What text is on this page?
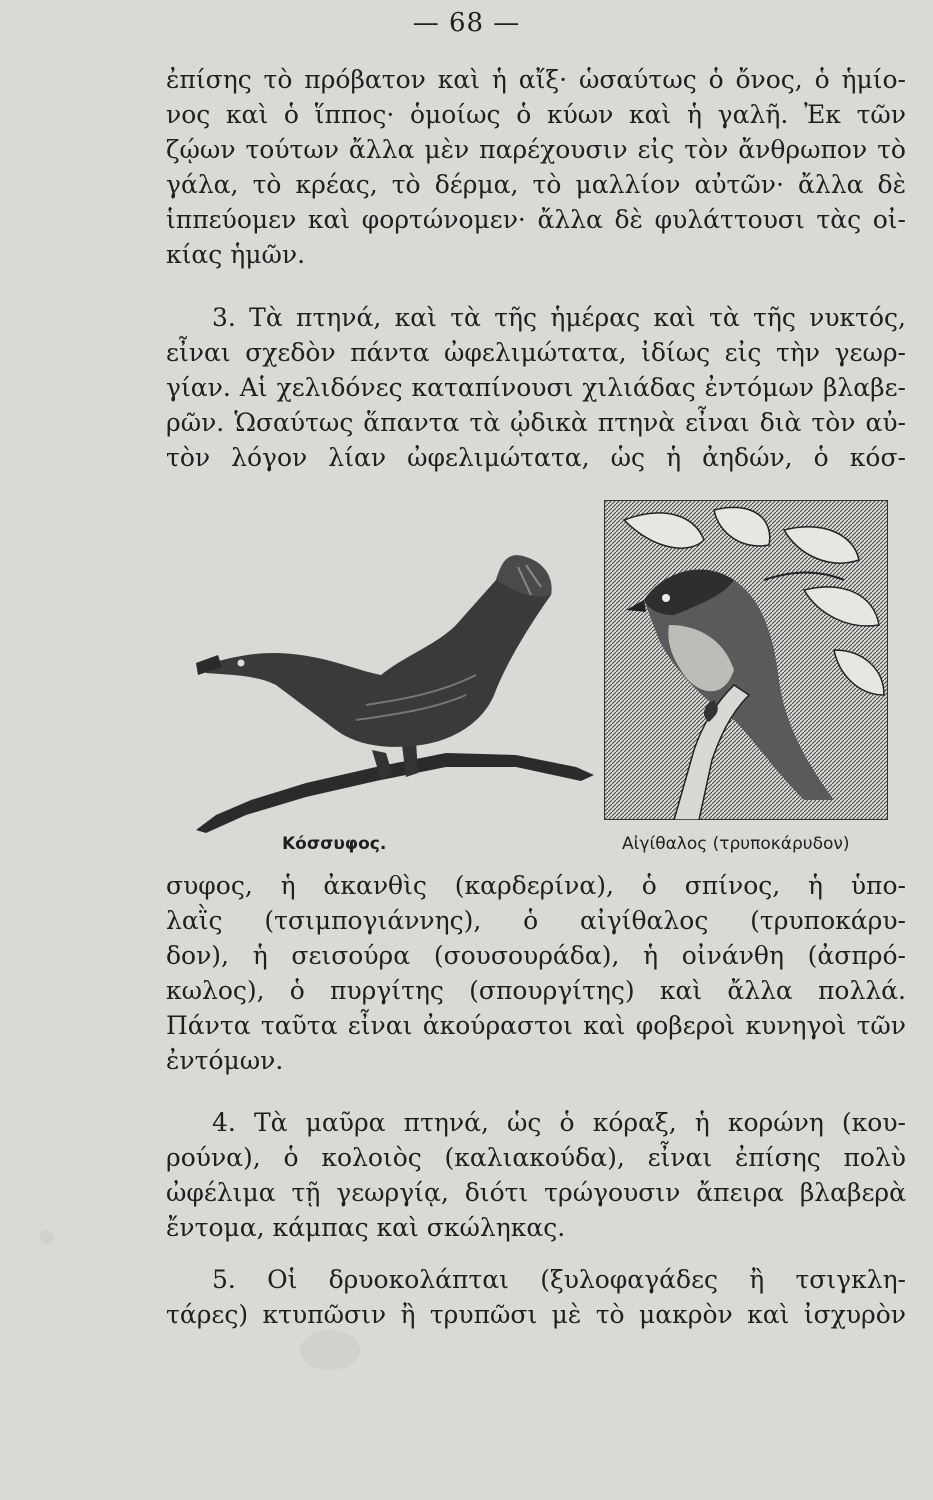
— 68 —
ἐπίσης τὸ πρόβατον καὶ ἡ αἴξ· ὡσαύτως ὁ ὄνος, ὁ ἡμίο-
νος καὶ ὁ ἵππος· ὁμοίως ὁ κύων καὶ ἡ γαλῆ. Ἐκ τῶν
ζῴων τούτων ἄλλα μὲν παρέχουσιν εἰς τὸν ἄνθρωπον τὸ
γάλα, τὸ κρέας, τὸ δέρμα, τὸ μαλλίον αὐτῶν· ἄλλα δὲ
ἱππεύομεν καὶ φορτώνομεν· ἄλλα δὲ φυλάττουσι τὰς οἰ-
κίας ἡμῶν.
3. Τὰ πτηνά, καὶ τὰ τῆς ἡμέρας καὶ τὰ τῆς νυκτός,
εἶναι σχεδὸν πάντα ὠφελιμώτατα, ἰδίως εἰς τὴν γεωρ-
γίαν. Αἱ χελιδόνες καταπίνουσι χιλιάδας ἐντόμων βλαβε-
ρῶν. Ὡσαύτως ἅπαντα τὰ ᾠδικὰ πτηνὰ εἶναι διὰ τὸν αὐ-
τὸν λόγον λίαν ὠφελιμώτατα, ὡς ἡ ἀηδών, ὁ κόσ-
Κόσσυφος.	Αἰγίθαλος (τρυποκάρυδον)
συφος, ἡ ἀκανθὶς (καρδερίνα), ὁ σπίνος, ἡ ὑπο-
λαῒς (τσιμπογιάννης), ὁ αἰγίθαλος (τρυποκάρυ-
δον), ἡ σεισούρα (σουσουράδα), ἡ οἰνάνθη (ἀσπρό-
κωλος), ὁ πυργίτης (σπουργίτης) καὶ ἄλλα πολλά.
Πάντα ταῦτα εἶναι ἀκούραστοι καὶ φοβεροὶ κυνηγοὶ τῶν
ἐντόμων.
4. Τὰ μαῦρα πτηνά, ὡς ὁ κόραξ, ἡ κορώνη (κου-
ρούνα), ὁ κολοιὸς (καλιακούδα), εἶναι ἐπίσης πολὺ
ὠφέλιμα τῇ γεωργίᾳ, διότι τρώγουσιν ἄπειρα βλαβερὰ
ἔντομα, κάμπας καὶ σκώληκας.
5. Οἱ δρυοκολάπται (ξυλοφαγάδες ἢ τσιγκλη-
τάρες) κτυπῶσιν ἢ τρυπῶσι μὲ τὸ μακρὸν καὶ ἰσχυρὸν
